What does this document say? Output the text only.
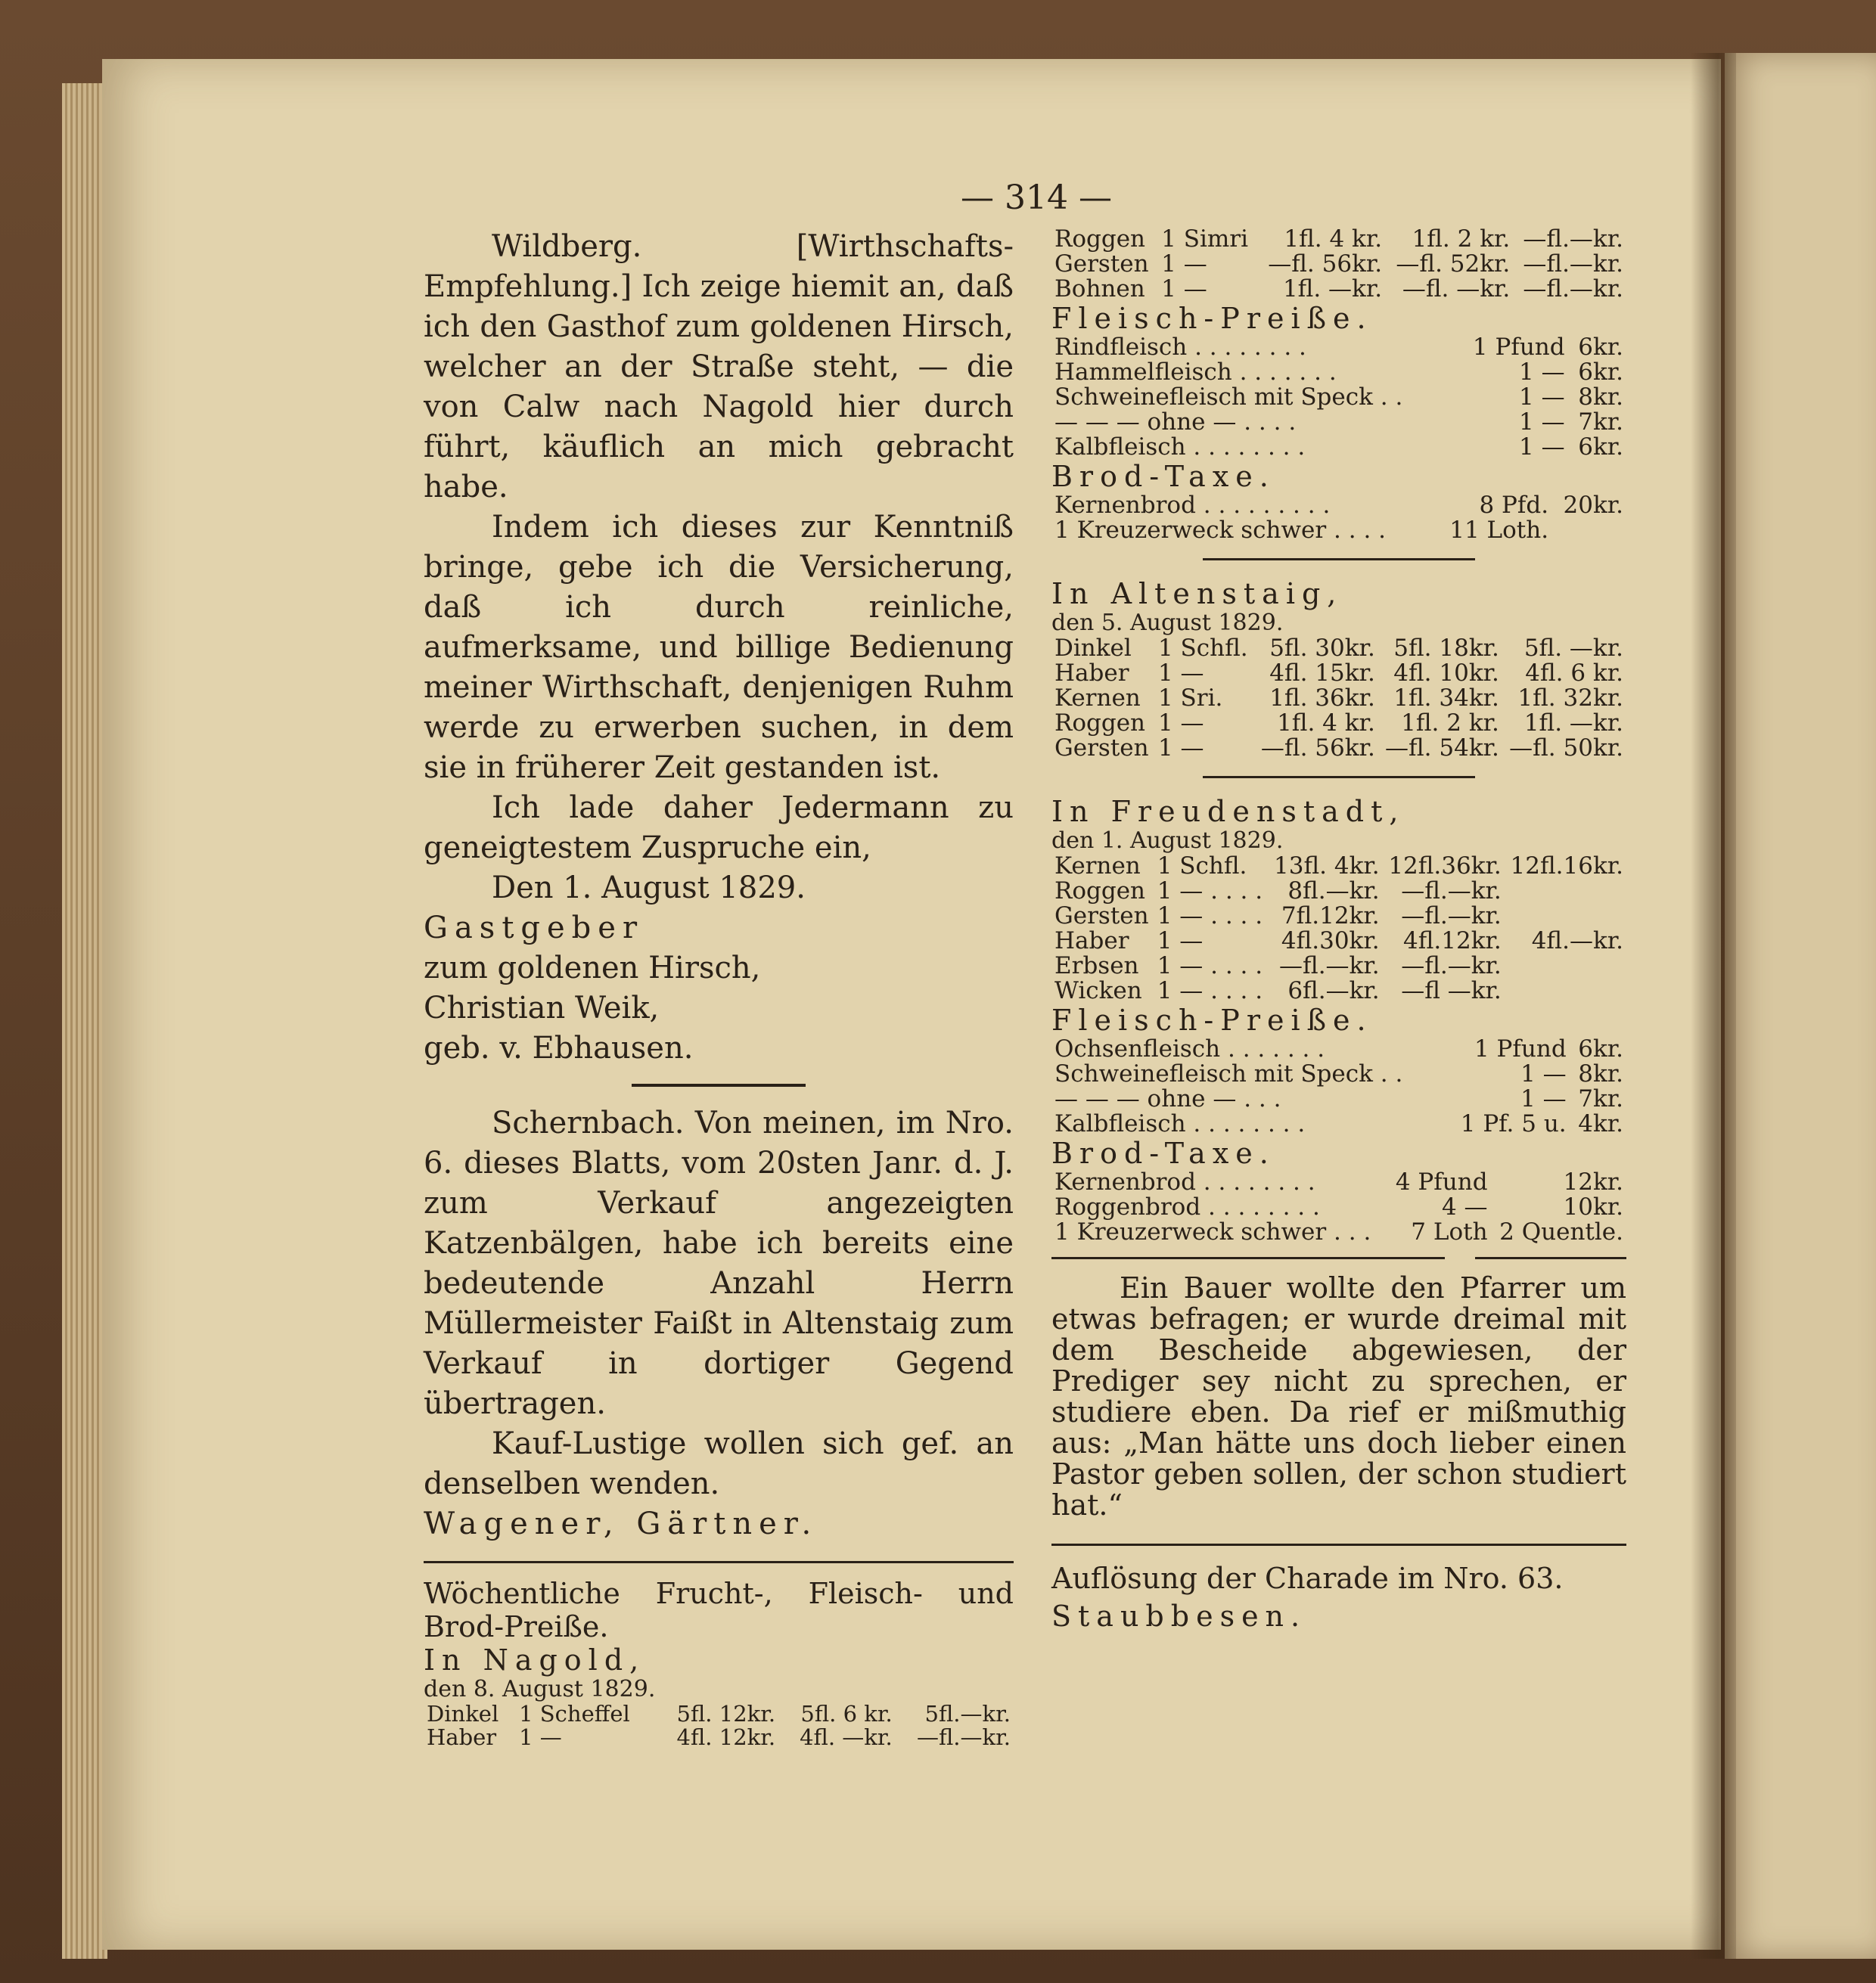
— 314 —

Wildberg. [Wirthschafts-Empfehlung.] Ich zeige hiemit an, daß ich den Gasthof zum goldenen Hirsch, welcher an der Straße steht, — die von Calw nach Nagold hier durch führt, käuflich an mich gebracht habe.

Indem ich dieses zur Kenntniß bringe, gebe ich die Versicherung, daß ich durch reinliche, aufmerksame, und billige Bedienung meiner Wirthschaft, denjenigen Ruhm werde zu erwerben suchen, in dem sie in früherer Zeit gestanden ist.

Ich lade daher Jedermann zu geneigtestem Zuspruche ein,

Den 1. August 1829.

Gastgeber

zum goldenen Hirsch,

Christian Weik,

geb. v. Ebhausen.

Schernbach. Von meinen, im Nro. 6. dieses Blatts, vom 20sten Janr. d. J. zum Verkauf angezeigten Katzenbälgen, habe ich bereits eine bedeutende Anzahl Herrn Müllermeister Faißt in Altenstaig zum Verkauf in dortiger Gegend übertragen.

Kauf-Lustige wollen sich gef. an denselben wenden.

Wagener, Gärtner.

Wöchentliche Frucht-, Fleisch- und Brod-Preiße.

In Nagold,

den 8. August 1829.

Dinkel	1 Scheffel	5fl. 12kr.	5fl. 6 kr.	5fl.—kr.
Haber	1 —	4fl. 12kr.	4fl. —kr.	—fl.—kr.
Roggen	1 Simri	1fl. 4 kr.	1fl. 2 kr.	—fl.—kr.
Gersten	1 —	—fl. 56kr.	—fl. 52kr.	—fl.—kr.
Bohnen	1 —	1fl. —kr.	—fl. —kr.	—fl.—kr.

Fleisch-Preiße.

Rindfleisch . . . . . . . .	1 Pfund	6kr.
Hammelfleisch . . . . . . .	1 —	6kr.
Schweinefleisch mit Speck . .	1 —	8kr.
— — — ohne — . . . .	1 —	7kr.
Kalbfleisch . . . . . . . .	1 —	6kr.

Brod-Taxe.

Kernenbrod . . . . . . . . .	8 Pfd.	20kr.
1 Kreuzerweck schwer . . . .	11 Loth.	

In Altenstaig,

den 5. August 1829.

Dinkel	1 Schfl.	5fl. 30kr.	5fl. 18kr.	5fl. —kr.
Haber	1 —	4fl. 15kr.	4fl. 10kr.	4fl. 6 kr.
Kernen	1 Sri.	1fl. 36kr.	1fl. 34kr.	1fl. 32kr.
Roggen	1 —	1fl. 4 kr.	1fl. 2 kr.	1fl. —kr.
Gersten	1 —	—fl. 56kr.	—fl. 54kr.	—fl. 50kr.

In Freudenstadt,

den 1. August 1829.

Kernen	1 Schfl.	13fl. 4kr.	12fl.36kr.	12fl.16kr.
Roggen	1 — . . . .	8fl.—kr.	—fl.—kr.	
Gersten	1 — . . . .	7fl.12kr.	—fl.—kr.	
Haber	1 —	4fl.30kr.	4fl.12kr.	4fl.—kr.
Erbsen	1 — . . . .	—fl.—kr.	—fl.—kr.	
Wicken	1 — . . . .	6fl.—kr.	—fl —kr.	

Fleisch-Preiße.

Ochsenfleisch . . . . . . .	1 Pfund	6kr.
Schweinefleisch mit Speck . .	1 —	8kr.
— — — ohne — . . .	1 —	7kr.
Kalbfleisch . . . . . . . .	1 Pf. 5 u.	4kr.

Brod-Taxe.

Kernenbrod . . . . . . . .	4 Pfund	12kr.
Roggenbrod . . . . . . . .	4 —	10kr.
1 Kreuzerweck schwer . . .	7 Loth	2 Quentle.

Ein Bauer wollte den Pfarrer um etwas befragen; er wurde dreimal mit dem Bescheide abgewiesen, der Prediger sey nicht zu sprechen, er studiere eben. Da rief er mißmuthig aus: „Man hätte uns doch lieber einen Pastor geben sollen, der schon studiert hat.“

Auflösung der Charade im Nro. 63.

Staubbesen.
